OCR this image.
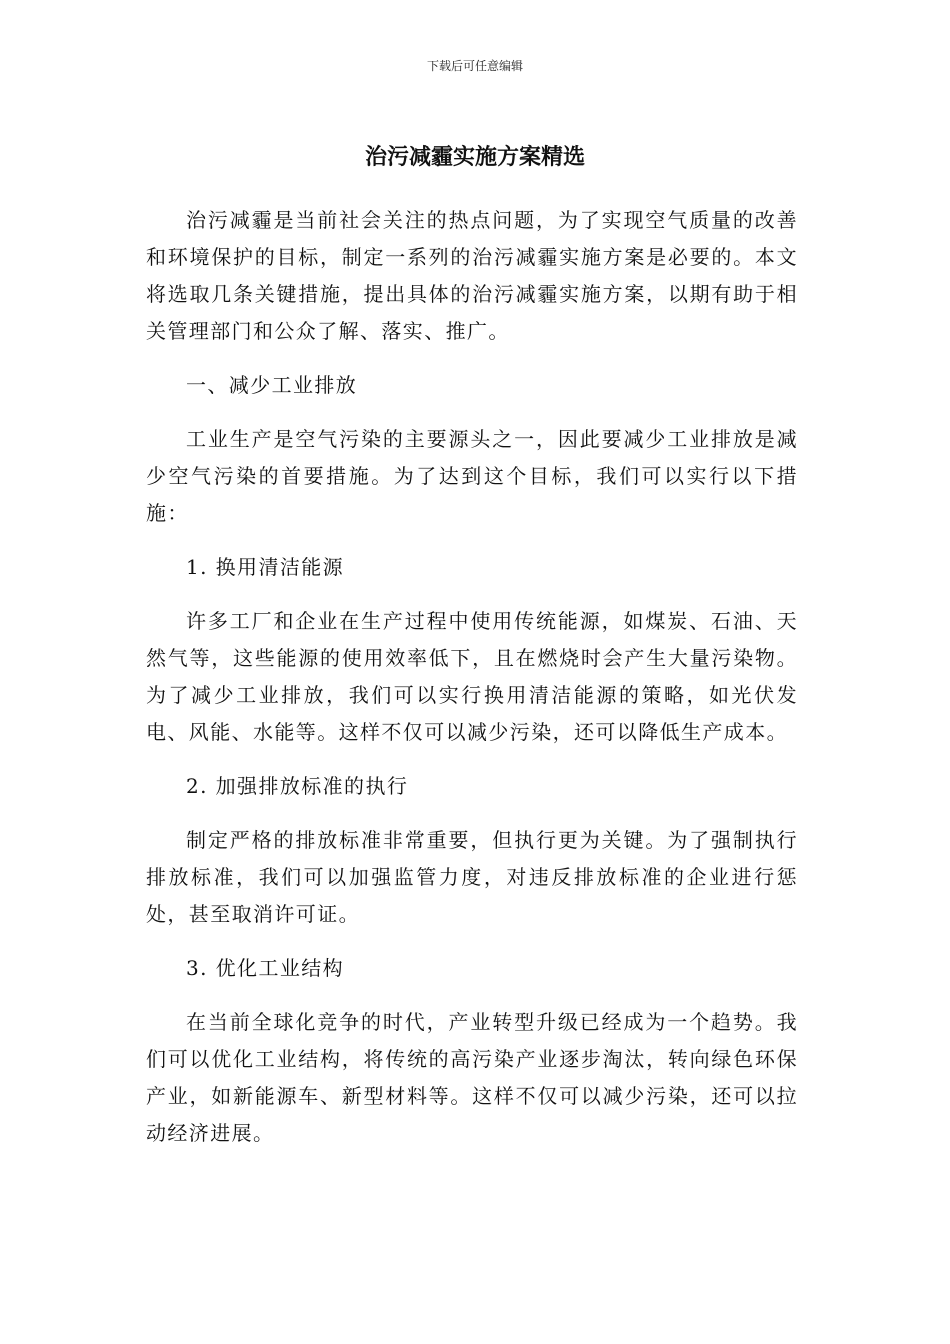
下载后可任意编辑
治污减霾实施方案精选

治污减霾是当前社会关注的热点问题，为了实现空气质量的改善和环境保护的目标，制定一系列的治污减霾实施方案是必要的。本文将选取几条关键措施，提出具体的治污减霾实施方案，以期有助于相关管理部门和公众了解、落实、推广。

一、减少工业排放

工业生产是空气污染的主要源头之一，因此要减少工业排放是减少空气污染的首要措施。为了达到这个目标，我们可以实行以下措施：

1. 换用清洁能源

许多工厂和企业在生产过程中使用传统能源，如煤炭、石油、天然气等，这些能源的使用效率低下，且在燃烧时会产生大量污染物。为了减少工业排放，我们可以实行换用清洁能源的策略，如光伏发电、风能、水能等。这样不仅可以减少污染，还可以降低生产成本。

2. 加强排放标准的执行

制定严格的排放标准非常重要，但执行更为关键。为了强制执行排放标准，我们可以加强监管力度，对违反排放标准的企业进行惩处，甚至取消许可证。

3. 优化工业结构

在当前全球化竞争的时代，产业转型升级已经成为一个趋势。我们可以优化工业结构，将传统的高污染产业逐步淘汰，转向绿色环保产业，如新能源车、新型材料等。这样不仅可以减少污染，还可以拉动经济进展。
